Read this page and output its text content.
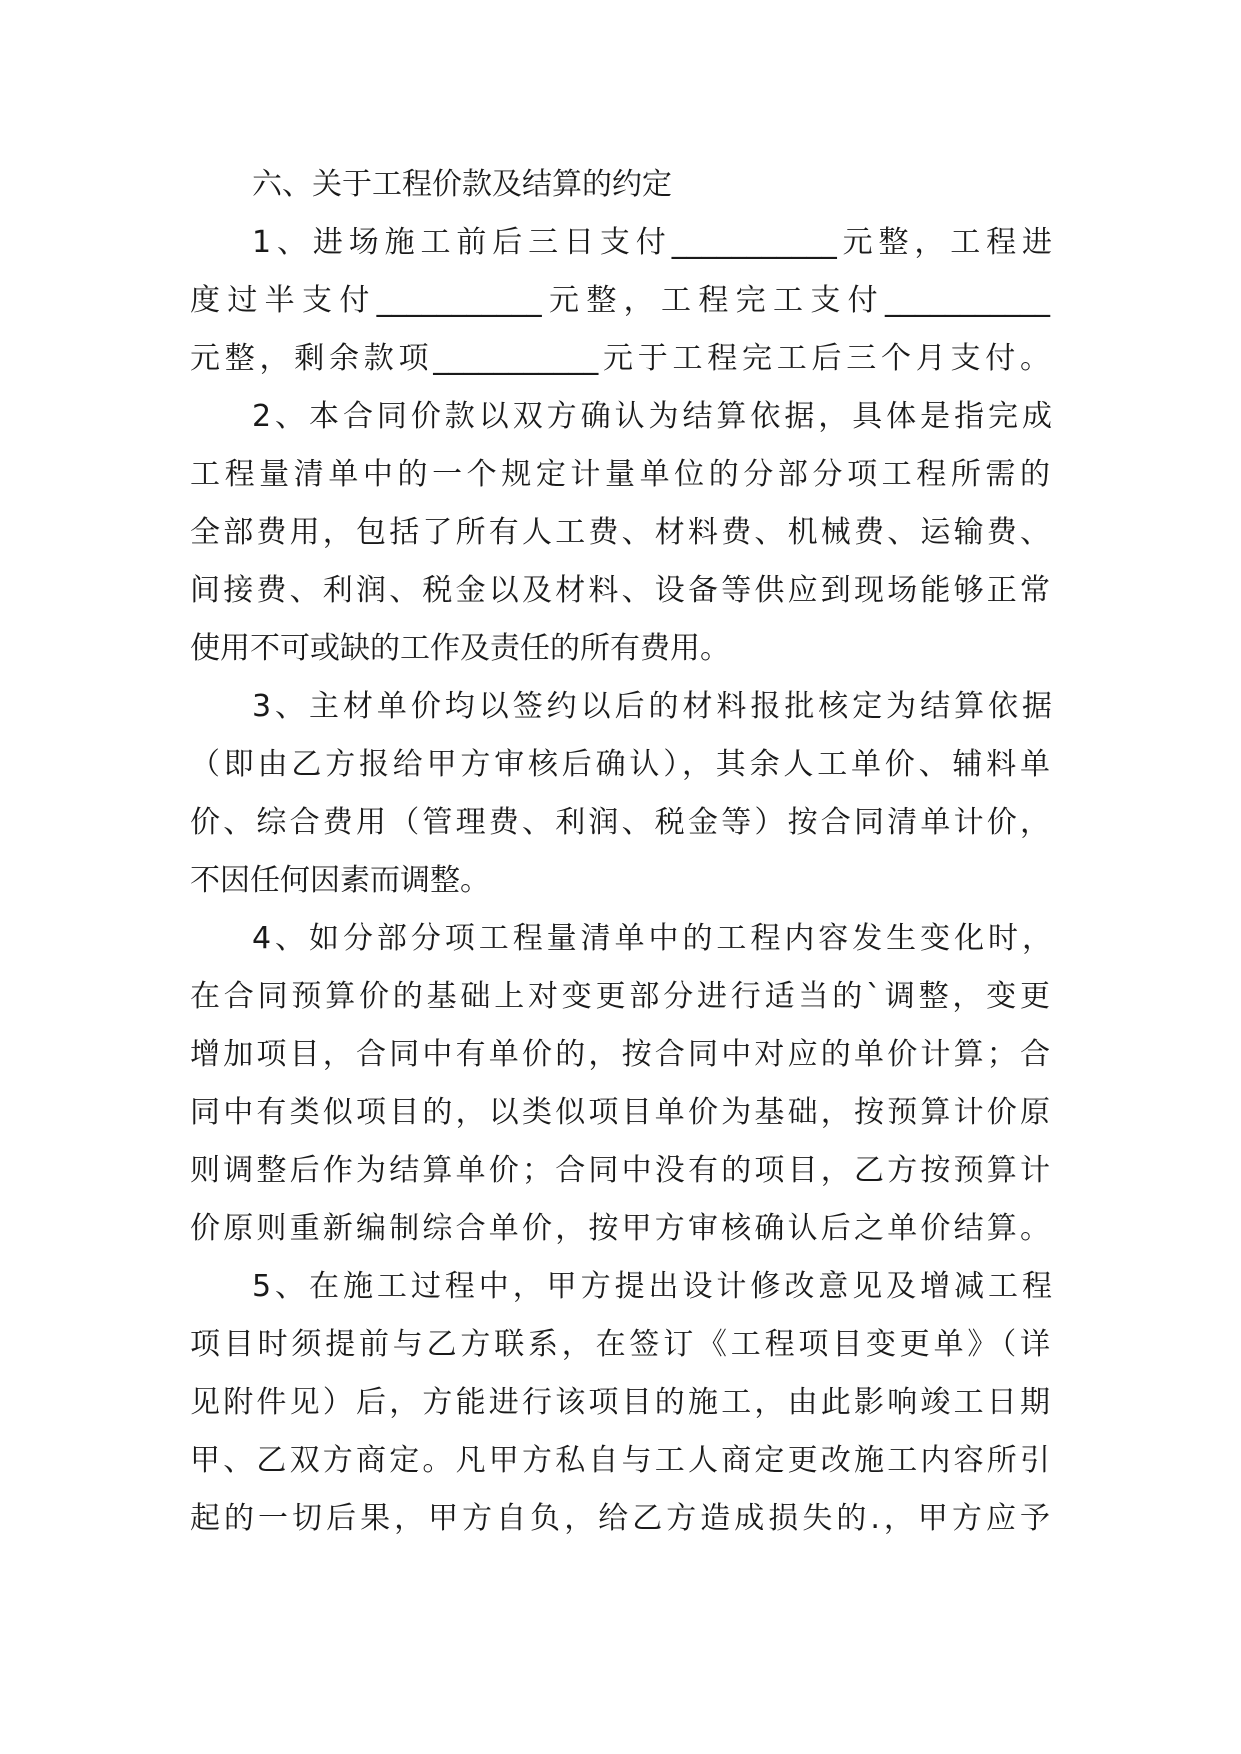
六、关于工程价款及结算的约定
1、进场施工前后三日支付___________元整，工程进
度过半支付___________元整，工程完工支付___________
元整，剩余款项___________元于工程完工后三个月支付。
2、本合同价款以双方确认为结算依据，具体是指完成
工程量清单中的一个规定计量单位的分部分项工程所需的
全部费用，包括了所有人工费、材料费、机械费、运输费、
间接费、利润、税金以及材料、设备等供应到现场能够正常
使用不可或缺的工作及责任的所有费用。
3、主材单价均以签约以后的材料报批核定为结算依据
（即由乙方报给甲方审核后确认），其余人工单价、辅料单
价、综合费用（管理费、利润、税金等）按合同清单计价，
不因任何因素而调整。
4、如分部分项工程量清单中的工程内容发生变化时，
在合同预算价的基础上对变更部分进行适当的`调整，变更
增加项目，合同中有单价的，按合同中对应的单价计算；合
同中有类似项目的，以类似项目单价为基础，按预算计价原
则调整后作为结算单价；合同中没有的项目，乙方按预算计
价原则重新编制综合单价，按甲方审核确认后之单价结算。
5、在施工过程中，甲方提出设计修改意见及增减工程
项目时须提前与乙方联系，在签订《工程项目变更单》（详
见附件见）后，方能进行该项目的施工，由此影响竣工日期
甲、乙双方商定。凡甲方私自与工人商定更改施工内容所引
起的一切后果，甲方自负，给乙方造成损失的.，甲方应予
